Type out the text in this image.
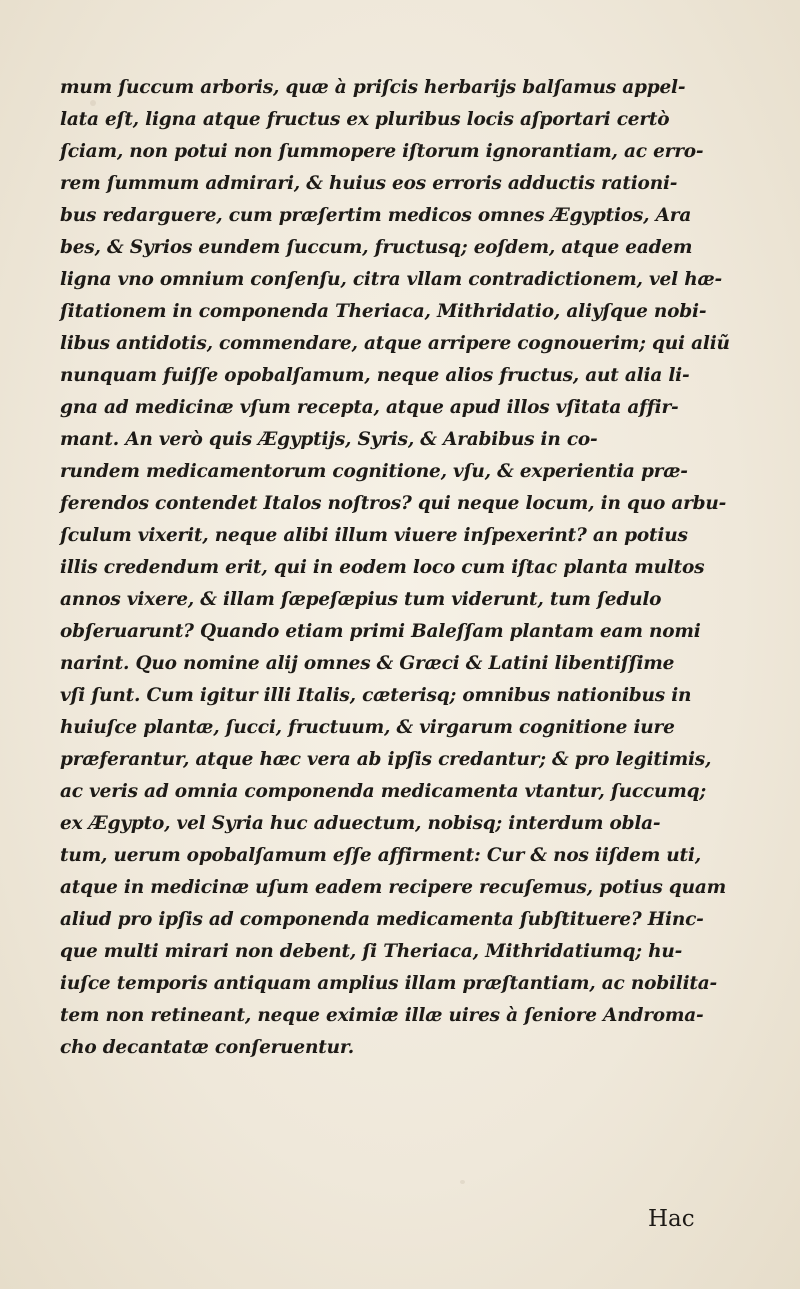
mum ſuccum arboris, quæ à priſcis herbarijs balſamus appel-
lata eſt, ligna atque fructus ex pluribus locis aſportari certò
ſciam, non potui non ſummopere iſtorum ignorantiam, ac erro-
rem ſummum admirari, & huius eos erroris adductis rationi-
bus redarguere, cum præſertim medicos omnes Ægyptios, Ara
bes, & Syrios eundem ſuccum, fructusq; eoſdem, atque eadem
ligna vno omnium conſenſu, citra vllam contradictionem, vel hæ-
ſitationem in componenda Theriaca, Mithridatio, aliyſque nobi-
libus antidotis, commendare, atque arripere cognouerim; qui aliũ
nunquam fuiſſe opobalſamum, neque alios fructus, aut alia li-
gna ad medicinæ vſum recepta, atque apud illos vſitata affir-
mant. An verò quis Ægyptijs, Syris, & Arabibus in co-
rundem medicamentorum cognitione, vſu, & experientia præ-
ferendos contendet Italos noſtros? qui neque locum, in quo arbu-
ſculum vixerit, neque alibi illum viuere inſpexerint? an potius
illis credendum erit, qui in eodem loco cum iſtac planta multos
annos vixere, & illam ſæpeſæpius tum viderunt, tum ſedulo
obſeruarunt? Quando etiam primi Baleſſam plantam eam nomi
narint. Quo nomine alij omnes & Græci & Latini libentiſſime
vſi ſunt. Cum igitur illi Italis, cæterisq; omnibus nationibus in
huiuſce plantæ, ſucci, fructuum, & virgarum cognitione iure
præferantur, atque hæc vera ab ipſis credantur; & pro legitimis,
ac veris ad omnia componenda medicamenta vtantur, ſuccumq;
ex Ægypto, vel Syria huc aduectum, nobisq; interdum obla-
tum, uerum opobalſamum eſſe affirment: Cur & nos iiſdem uti,
atque in medicinæ uſum eadem recipere recuſemus, potius quam
aliud pro ipſis ad componenda medicamenta ſubſtituere? Hinc-
que multi mirari non debent, ſi Theriaca, Mithridatiumq; hu-
iuſce temporis antiquam amplius illam præſtantiam, ac nobilita-
tem non retineant, neque eximiæ illæ uires à ſeniore Androma-
cho decantatæ conſeruentur.
Hac
